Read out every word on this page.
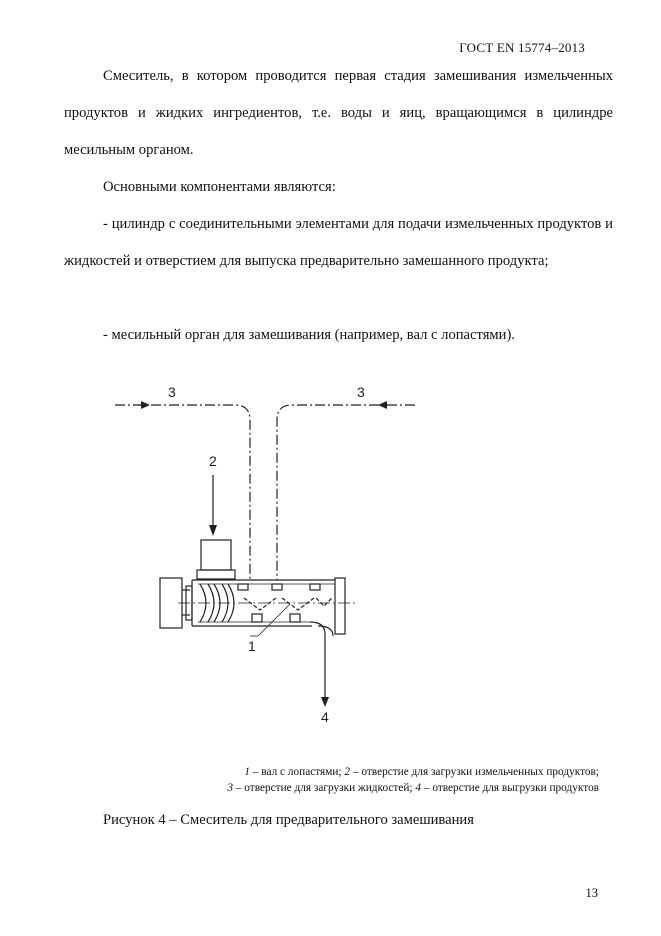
ГОСТ EN 15774–2013

Смеситель, в котором проводится первая стадия замешивания измельченных продуктов и жидких ингредиентов, т.е. воды и яиц, вращающимся в цилиндре месильным органом.

Основными компонентами являются:

- цилиндр с соединительными элементами для подачи измельченных продуктов и жидкостей и отверстием для выпуска предварительно замешанного продукта;

- месильный орган для замешивания (например, вал с лопастями).

3	3
2
1
4
1 – вал с лопастями; 2 – отверстие для загрузки измельченных продуктов;
3 – отверстие для загрузки жидкостей; 4 – отверстие для выгрузки продуктов
Рисунок 4 – Смеситель для предварительного замешивания
13
